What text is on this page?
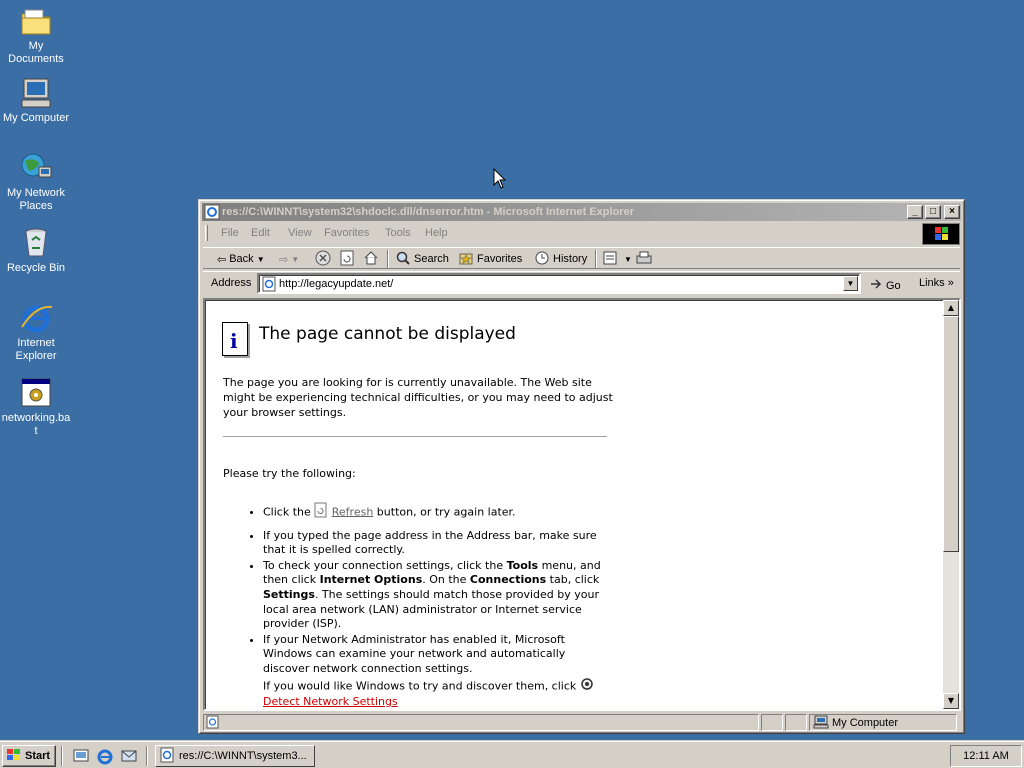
My Documents
My Computer
My Network Places
Recycle Bin
Internet Explorer
networking.bat
res://C:\WINNT\system32\shdoclc.dll/dnserror.htm - Microsoft Internet Explorer	_	□	×
File Edit View Favorites Tools Help
⇦ Back ▼ ⇨ ▼	Search	Favorites	History	▼
Address	http://legacyupdate.net/	▼	Go Links »
i The page cannot be displayed
The page you are looking for is currently unavailable. The Web site might be experiencing technical difficulties, or you may need to adjust your browser settings.
Please try the following:
• Click the  Refresh button, or try again later.
• If you typed the page address in the Address bar, make sure that it is spelled correctly.
• To check your connection settings, click the Tools menu, and then click Internet Options. On the Connections tab, click Settings. The settings should match those provided by your local area network (LAN) administrator or Internet service provider (ISP).
• If your Network Administrator has enabled it, Microsoft Windows can examine your network and automatically discover network connection settings.
If you would like Windows to try and discover them, click  Detect Network Settings
▲
▼
My Computer
Start	res://C:\WINNT\system3...	12:11 AM
